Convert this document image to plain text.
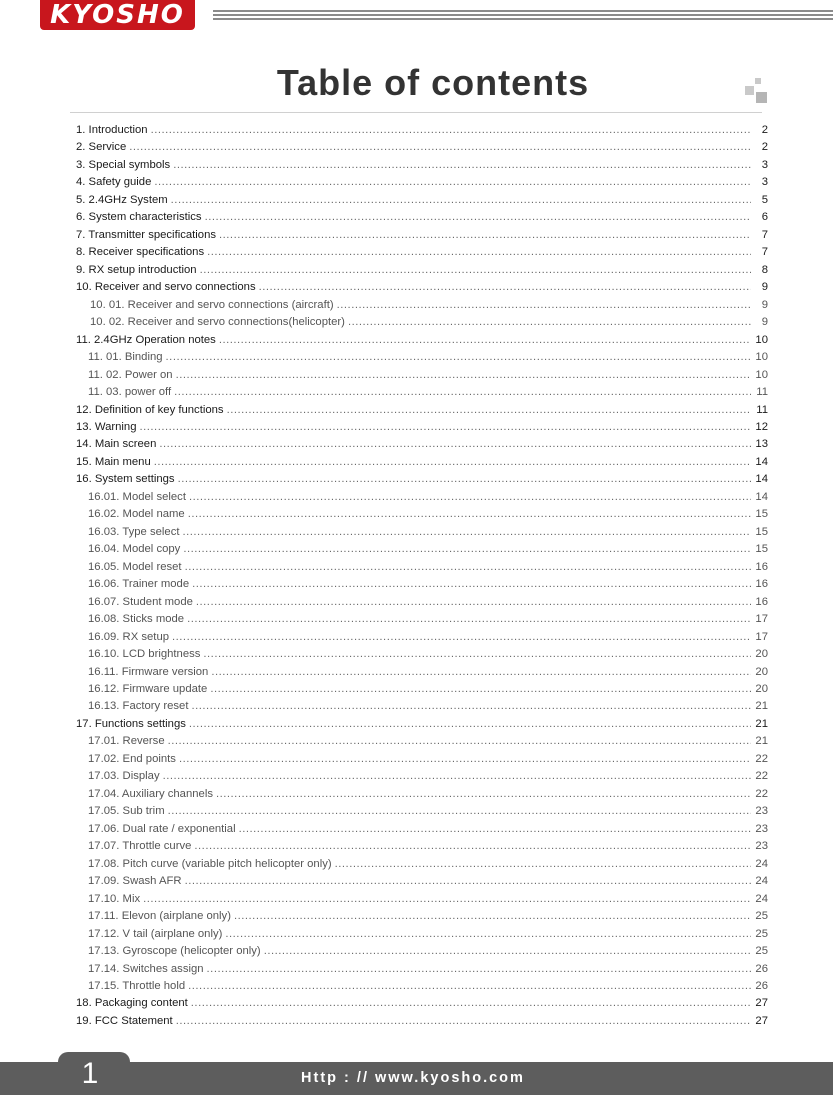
KYOSHO
Table of contents
1. Introduction .....	2
2. Service .....	2
3. Special symbols .....	3
4. Safety guide .....	3
5. 2.4GHz System .....	5
6. System characteristics .....	6
7. Transmitter specifications .....	7
8. Receiver specifications .....	7
9. RX setup introduction .....	8
10. Receiver and servo connections .....	9
10. 01. Receiver and servo connections (aircraft) .....	9
10. 02. Receiver and servo connections(helicopter) .....	9
11. 2.4GHz Operation notes .....	10
11. 01. Binding .....	10
11. 02. Power on .....	10
11. 03. power off .....	11
12. Definition of key functions .....	11
13. Warning .....	12
14. Main screen .....	13
15. Main menu .....	14
16. System settings .....	14
16.01. Model select .....	14
16.02. Model name .....	15
16.03. Type select .....	15
16.04. Model copy .....	15
16.05. Model reset .....	16
16.06. Trainer mode .....	16
16.07. Student mode .....	16
16.08. Sticks mode .....	17
16.09. RX setup .....	17
16.10. LCD brightness .....	20
16.11. Firmware version .....	20
16.12. Firmware update .....	20
16.13. Factory reset .....	21
17. Functions settings .....	21
17.01. Reverse .....	21
17.02. End points .....	22
17.03. Display .....	22
17.04. Auxiliary channels .....	22
17.05. Sub trim .....	23
17.06. Dual rate / exponential .....	23
17.07. Throttle curve .....	23
17.08. Pitch curve (variable pitch helicopter only) .....	24
17.09. Swash AFR .....	24
17.10. Mix .....	24
17.11. Elevon (airplane only) .....	25
17.12. V tail (airplane only) .....	25
17.13. Gyroscope (helicopter only) .....	25
17.14. Switches assign .....	26
17.15. Throttle hold .....	26
18. Packaging content .....	27
19. FCC Statement .....	27
1	Http : // www.kyosho.com
